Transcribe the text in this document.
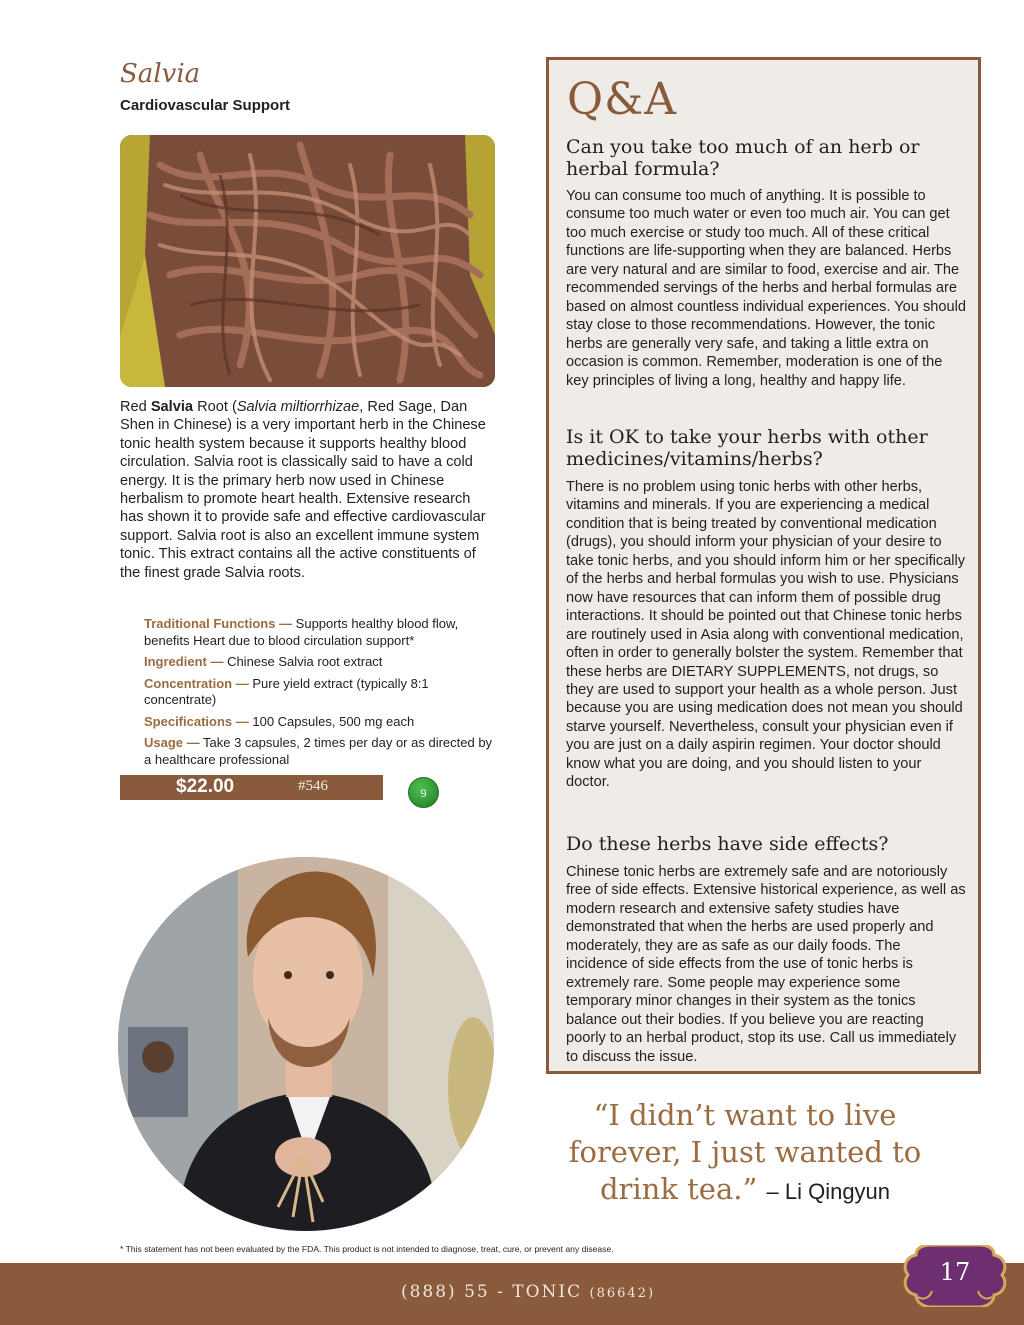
Salvia
Cardiovascular Support
Red Salvia Root (Salvia miltiorrhizae, Red Sage, Dan Shen in Chinese) is a very important herb in the Chinese tonic health system because it supports healthy blood circulation. Salvia root is classically said to have a cold energy. It is the primary herb now used in Chinese herbalism to promote heart health. Extensive research has shown it to provide safe and effective cardiovascular support. Salvia root is also an excellent immune system tonic. This extract contains all the active constituents of the finest grade Salvia roots.
Traditional Functions — Supports healthy blood flow, benefits Heart due to blood circulation support*
Ingredient — Chinese Salvia root extract
Concentration — Pure yield extract (typically 8:1 concentrate)
Specifications — 100 Capsules, 500 mg each
Usage — Take 3 capsules, 2 times per day or as directed by a healthcare professional
$22.00	#546	9
* This statement has not been evaluated by the FDA. This product is not intended to diagnose, treat, cure, or prevent any disease.
Q&A
Can you take too much of an herb or herbal formula?
You can consume too much of anything. It is possible to consume too much water or even too much air. You can get too much exercise or study too much. All of these critical functions are life-supporting when they are balanced. Herbs are very natural and are similar to food, exercise and air. The recommended servings of the herbs and herbal formulas are based on almost countless individual experiences. You should stay close to those recommendations. However, the tonic herbs are generally very safe, and taking a little extra on occasion is common. Remember, moderation is one of the key principles of living a long, healthy and happy life.
Is it OK to take your herbs with other medicines/vitamins/herbs?
There is no problem using tonic herbs with other herbs, vitamins and minerals. If you are experiencing a medical condition that is being treated by conventional medication (drugs), you should inform your physician of your desire to take tonic herbs, and you should inform him or her specifically of the herbs and herbal formulas you wish to use. Physicians now have resources that can inform them of possible drug interactions. It should be pointed out that Chinese tonic herbs are routinely used in Asia along with conventional medication, often in order to generally bolster the system. Remember that these herbs are DIETARY SUPPLEMENTS, not drugs, so they are used to support your health as a whole person. Just because you are using medication does not mean you should starve yourself. Nevertheless, consult your physician even if you are just on a daily aspirin regimen. Your doctor should know what you are doing, and you should listen to your doctor.
Do these herbs have side effects?
Chinese tonic herbs are extremely safe and are notoriously free of side effects. Extensive historical experience, as well as modern research and extensive safety studies have demonstrated that when the herbs are used properly and moderately, they are as safe as our daily foods. The incidence of side effects from the use of tonic herbs is extremely rare. Some people may experience some temporary minor changes in their system as the tonics balance out their bodies. If you believe you are reacting poorly to an herbal product, stop its use. Call us immediately to discuss the issue.
“I didn’t want to live forever, I just wanted to drink tea.” – Li Qingyun
(888) 55 - TONIC (86642)
17
